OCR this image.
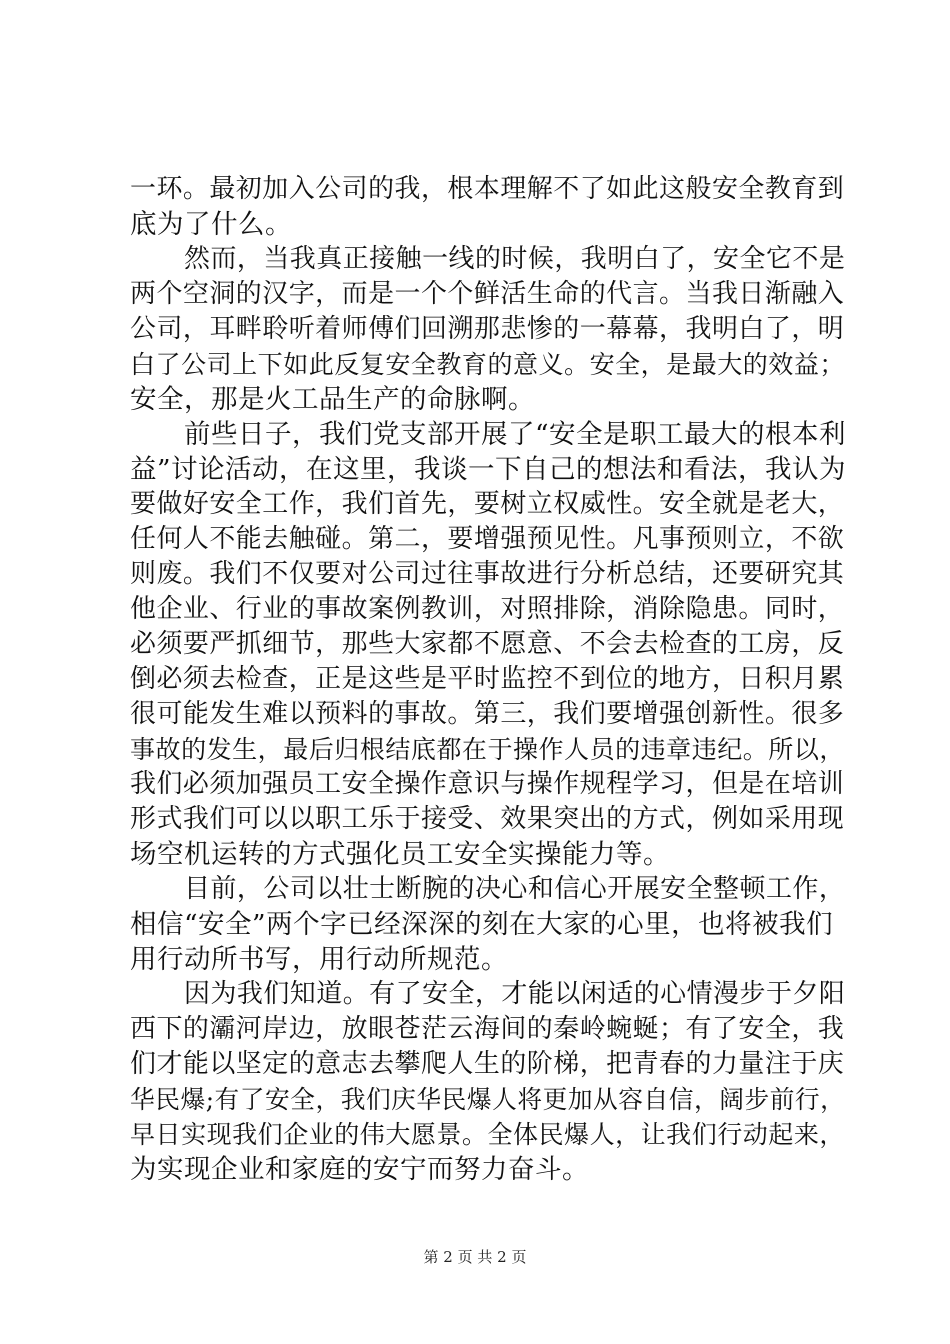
一环。最初加入公司的我，根本理解不了如此这般安全教育到
底为了什么。
然而，当我真正接触一线的时候，我明白了，安全它不是
两个空洞的汉字，而是一个个鲜活生命的代言。当我日渐融入
公司，耳畔聆听着师傅们回溯那悲惨的一幕幕，我明白了，明
白了公司上下如此反复安全教育的意义。安全，是最大的效益；
安全，那是火工品生产的命脉啊。
前些日子，我们党支部开展了“安全是职工最大的根本利
益”讨论活动，在这里，我谈一下自己的想法和看法，我认为
要做好安全工作，我们首先，要树立权威性。安全就是老大，
任何人不能去触碰。第二，要增强预见性。凡事预则立，不欲
则废。我们不仅要对公司过往事故进行分析总结，还要研究其
他企业、行业的事故案例教训，对照排除，消除隐患。同时，
必须要严抓细节，那些大家都不愿意、不会去检查的工房，反
倒必须去检查，正是这些是平时监控不到位的地方，日积月累
很可能发生难以预料的事故。第三，我们要增强创新性。很多
事故的发生，最后归根结底都在于操作人员的违章违纪。所以，
我们必须加强员工安全操作意识与操作规程学习，但是在培训
形式我们可以以职工乐于接受、效果突出的方式，例如采用现
场空机运转的方式强化员工安全实操能力等。
目前，公司以壮士断腕的决心和信心开展安全整顿工作，
相信“安全”两个字已经深深的刻在大家的心里，也将被我们
用行动所书写，用行动所规范。
因为我们知道。有了安全，才能以闲适的心情漫步于夕阳
西下的灞河岸边，放眼苍茫云海间的秦岭蜿蜒；有了安全，我
们才能以坚定的意志去攀爬人生的阶梯，把青春的力量注于庆
华民爆;有了安全，我们庆华民爆人将更加从容自信，阔步前行，
早日实现我们企业的伟大愿景。全体民爆人，让我们行动起来，
为实现企业和家庭的安宁而努力奋斗。
第 2 页 共 2 页
